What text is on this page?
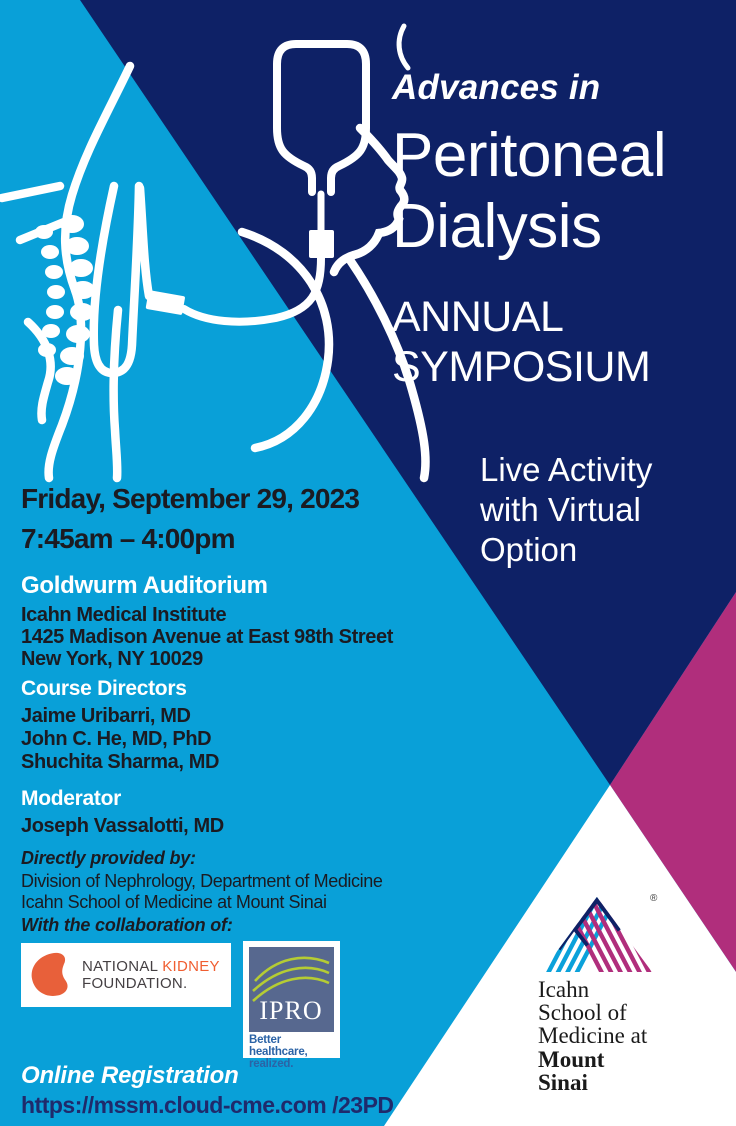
Advances in
Peritoneal
Dialysis
ANNUAL
SYMPOSIUM
Live Activity
with Virtual
Option
Friday, September 29, 2023
7:45am – 4:00pm
Goldwurm Auditorium
Icahn Medical Institute
1425 Madison Avenue at East 98th Street
New York, NY 10029
Course Directors
Jaime Uribarri, MD
John C. He, MD, PhD
Shuchita Sharma, MD
Moderator
Joseph Vassalotti, MD
Directly provided by:
Division of Nephrology, Department of Medicine
Icahn School of Medicine at Mount Sinai
With the collaboration of:
NATIONAL KIDNEY
FOUNDATION.
IPRO
Better healthcare,
realized.
Online Registration
https://mssm.cloud-cme.com /23PD
®
Icahn
School of
Medicine at
Mount
Sinai
